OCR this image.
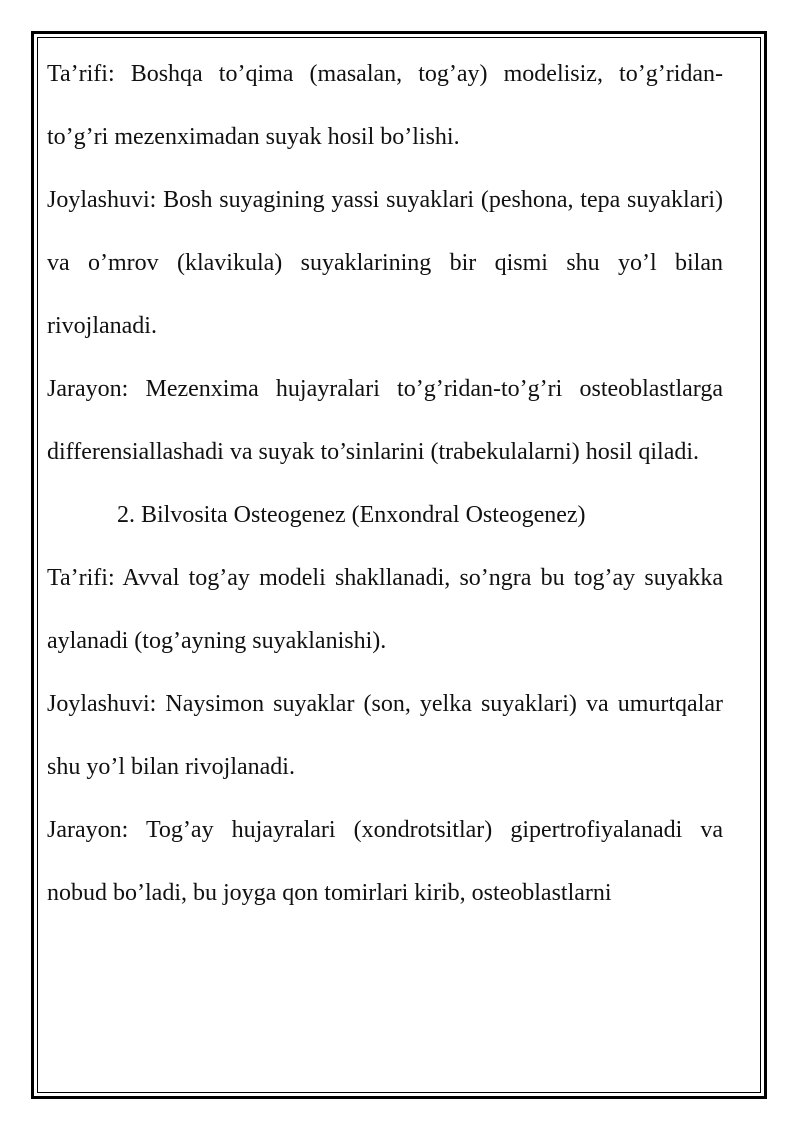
Ta’rifi: Boshqa to’qima (masalan, tog’ay) modelisiz, to’g’ridan-to’g’ri mezenximadan suyak hosil bo’lishi.

Joylashuvi: Bosh suyagining yassi suyaklari (peshona, tepa suyaklari) va o’mrov (klavikula) suyaklarining bir qismi shu yo’l bilan rivojlanadi.

Jarayon: Mezenxima hujayralari to’g’ridan-to’g’ri osteoblastlarga differensiallashadi va suyak to’sinlarini (trabekulalarni) hosil qiladi.

2. Bilvosita Osteogenez (Enxondral Osteogenez)

Ta’rifi: Avval tog’ay modeli shakllanadi, so’ngra bu tog’ay suyakka aylanadi (tog’ayning suyaklanishi).

Joylashuvi: Naysimon suyaklar (son, yelka suyaklari) va umurtqalar shu yo’l bilan rivojlanadi.

Jarayon: Tog’ay hujayralari (xondrotsitlar) gipertrofiyalanadi va nobud bo’ladi, bu joyga qon tomirlari kirib, osteoblastlarni
